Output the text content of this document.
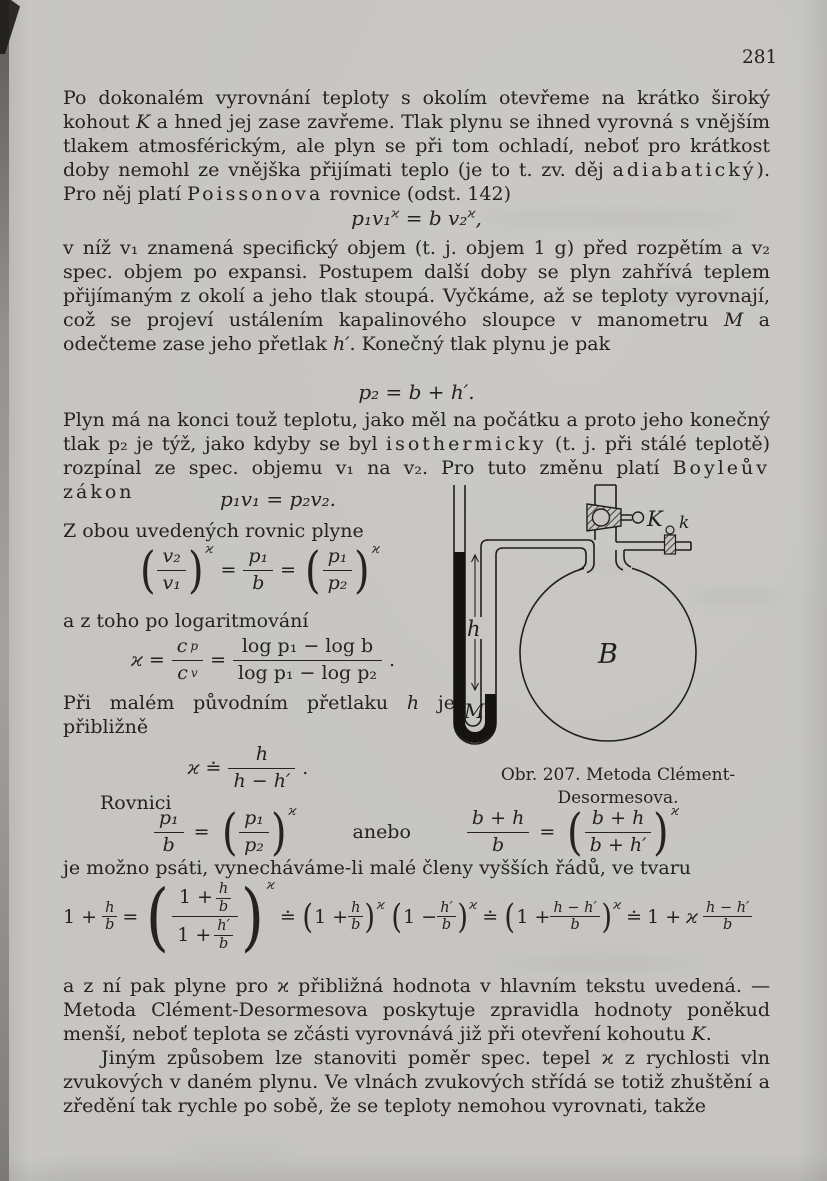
281

Po dokonalém vyrovnání teploty s okolím otevřeme na krátko široký kohout K a hned jej zase zavřeme. Tlak plynu se ihned vyrovná s vnějším tlakem atmosférickým, ale plyn se při tom ochladí, neboť pro krátkost doby nemohl ze vnějška přijímati teplo (je to t. zv. děj adiabatický). Pro něj platí Poissonova rovnice (odst. 142)

p₁v₁$^ϰ$ = b v₂$^ϰ$,

v níž v₁ znamená specifický objem (t. j. objem 1 g) před rozpětím a v₂ spec. objem po expansi. Postupem další doby se plyn zahřívá teplem přijímaným z okolí a jeho tlak stoupá. Vyčkáme, až se teploty vyrovnají, což se projeví ustálením kapalinového sloupce v manometru M a odečteme zase jeho přetlak h′. Konečný tlak plynu je pak

p₂ = b + h′.

Plyn má na konci touž teplotu, jako měl na počátku a proto jeho konečný tlak p₂ je týž, jako kdyby se byl isothermicky (t. j. při stálé teplotě) rozpínal ze spec. objemu v₁ na v₂. Pro tuto změnu platí Boyleův zákon	p₁v₁ = p₂v₂.

Z obou uvedených rovnic plyne

( $\frac{\text{v₂}}{\text{v₁}}$ ) ϰ
= $\frac{\text{p₁}}{b}$ = ( $\frac{\text{p₁}}{\text{p₂}}$ ) ϰ

a z toho po logaritmování

$ϰ = \frac{\text{c p}}{\text{c v}} = \frac{\text{log p₁ − log b}}{\text{log p₁ − log p₂}}$ .

Při malém původním přetlaku h je přibližně

ϰ ≐ $\frac{h}{h - h'}$ .

Rovnici

$\frac{\text{p₁}}{b}$ = ( $\frac{\text{p₁}}{\text{p₂}}$ ) ϰ
anebo	$\frac{b + h}{b}$ = ( $\frac{b + h}{b + h'}$ ) ϰ

je možno psáti, vynecháváme-li malé členy vyšších řádů, ve tvaru

$1 + \frac{h}{b}$ = ( $\frac{1 + \frac{h}{b}}{1 + \frac{h'}{b}}$ ) ϰ
≐ ( $1 + \frac{h}{b}$ ) ϰ ( $1 - \frac{h'}{b}$ ) ϰ
≐ ( $1 + \frac{h - h'}{b}$ ) ϰ
≐ 1 + ϰ $\frac{h - h'}{b}$

a z ní pak plyne pro ϰ přibližná hodnota v hlavním tekstu uvedená. — Metoda Clément-Desormesova poskytuje zpravidla hodnoty poněkud menší, neboť teplota se zčásti vyrovnává již při otevření kohoutu K.

Jiným způsobem lze stanoviti poměr spec. tepel ϰ z rychlosti vln zvukových v daném plynu. Ve vlnách zvukových střídá se totiž zhuštění a zředění tak rychle po sobě, že se teploty nemohou vyrovnati, takže

h
M
B
K k
Obr. 207. Metoda Clément-
Desormesova.
